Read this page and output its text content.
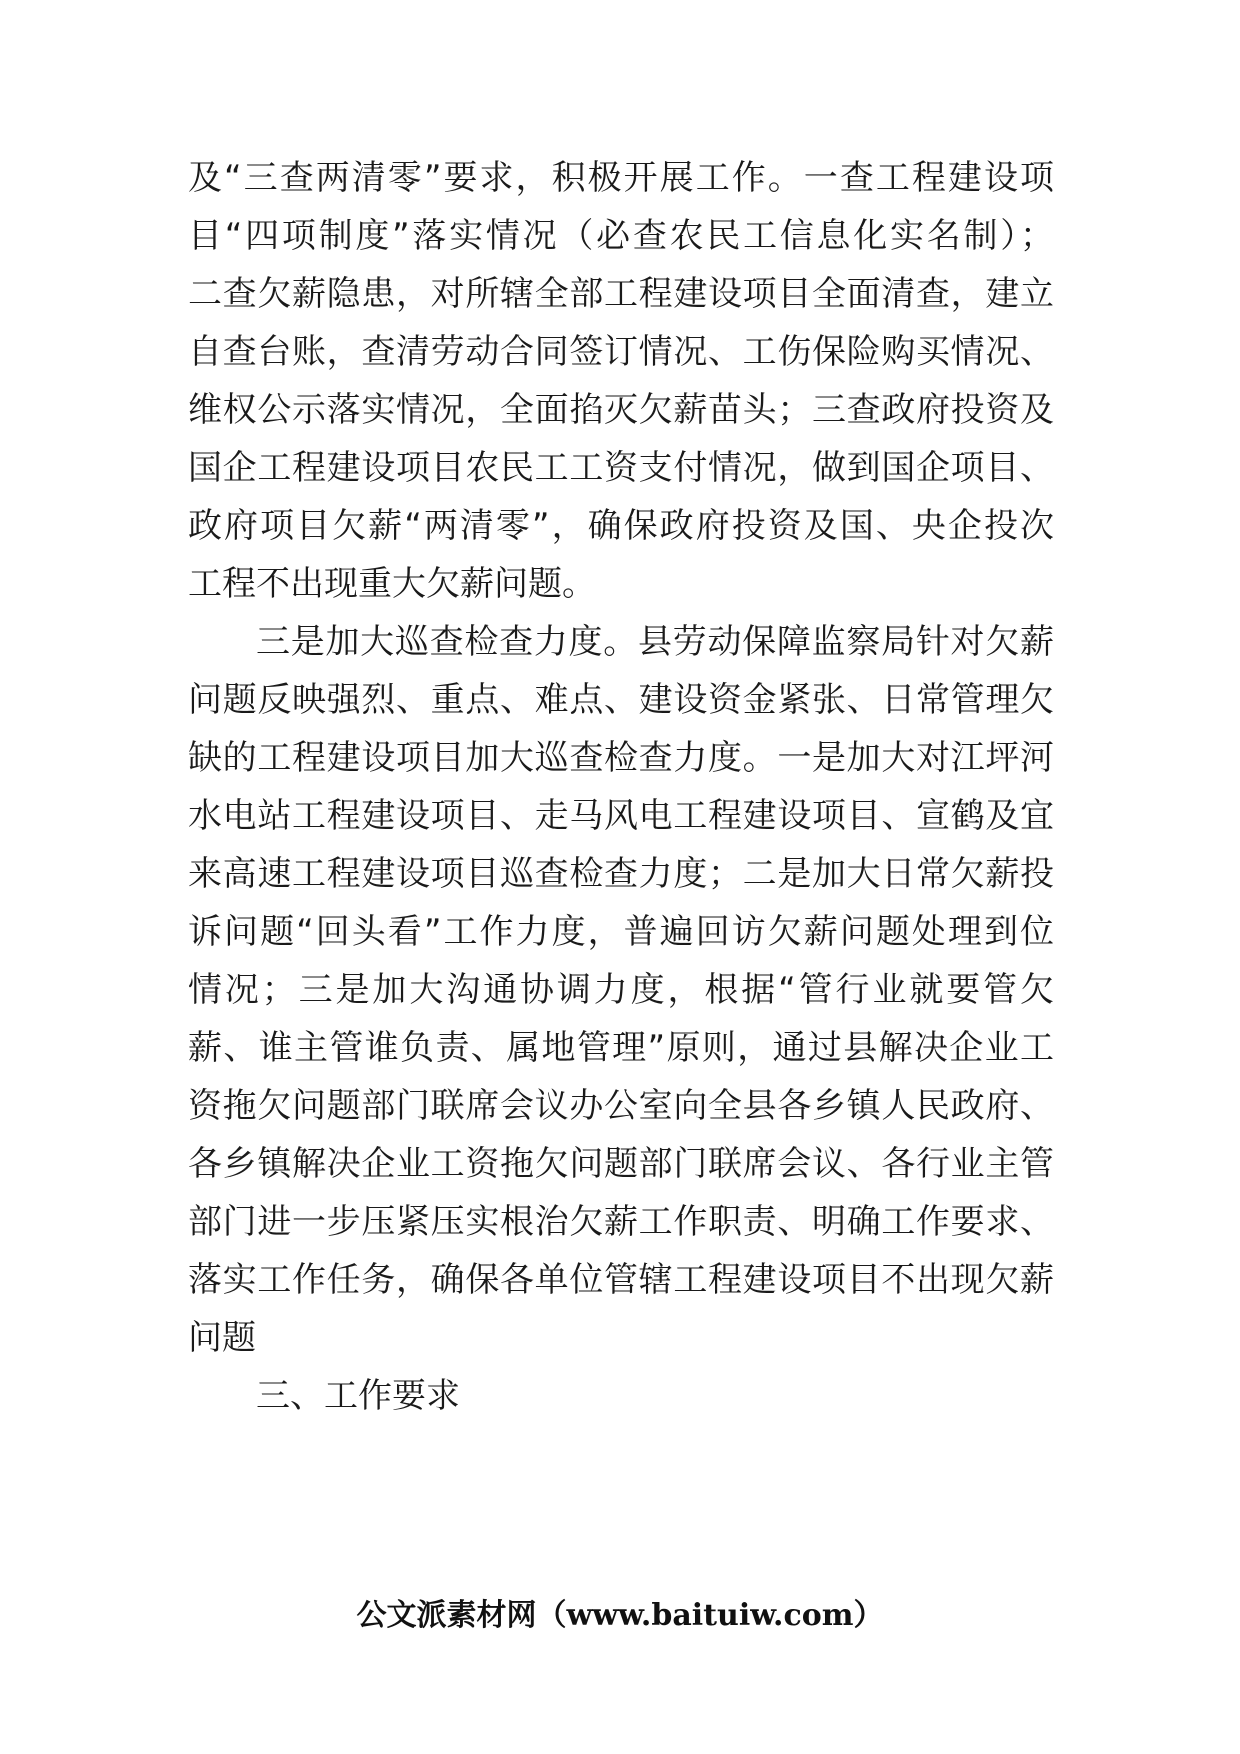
及“三查两清零”要求，积极开展工作。一查工程建设项
目“四项制度”落实情况（必查农民工信息化实名制）；
二查欠薪隐患，对所辖全部工程建设项目全面清查，建立
自查台账，查清劳动合同签订情况、工伤保险购买情况、
维权公示落实情况，全面掐灭欠薪苗头；三查政府投资及
国企工程建设项目农民工工资支付情况，做到国企项目、
政府项目欠薪“两清零”，确保政府投资及国、央企投次
工程不出现重大欠薪问题。
三是加大巡查检查力度。县劳动保障监察局针对欠薪
问题反映强烈、重点、难点、建设资金紧张、日常管理欠
缺的工程建设项目加大巡查检查力度。一是加大对江坪河
水电站工程建设项目、走马风电工程建设项目、宣鹤及宜
来高速工程建设项目巡查检查力度；二是加大日常欠薪投
诉问题“回头看”工作力度，普遍回访欠薪问题处理到位
情况；三是加大沟通协调力度，根据“管行业就要管欠
薪、谁主管谁负责、属地管理”原则，通过县解决企业工
资拖欠问题部门联席会议办公室向全县各乡镇人民政府、
各乡镇解决企业工资拖欠问题部门联席会议、各行业主管
部门进一步压紧压实根治欠薪工作职责、明确工作要求、
落实工作任务，确保各单位管辖工程建设项目不出现欠薪
问题
三、工作要求
公文派素材网（www.baituiw.com）
